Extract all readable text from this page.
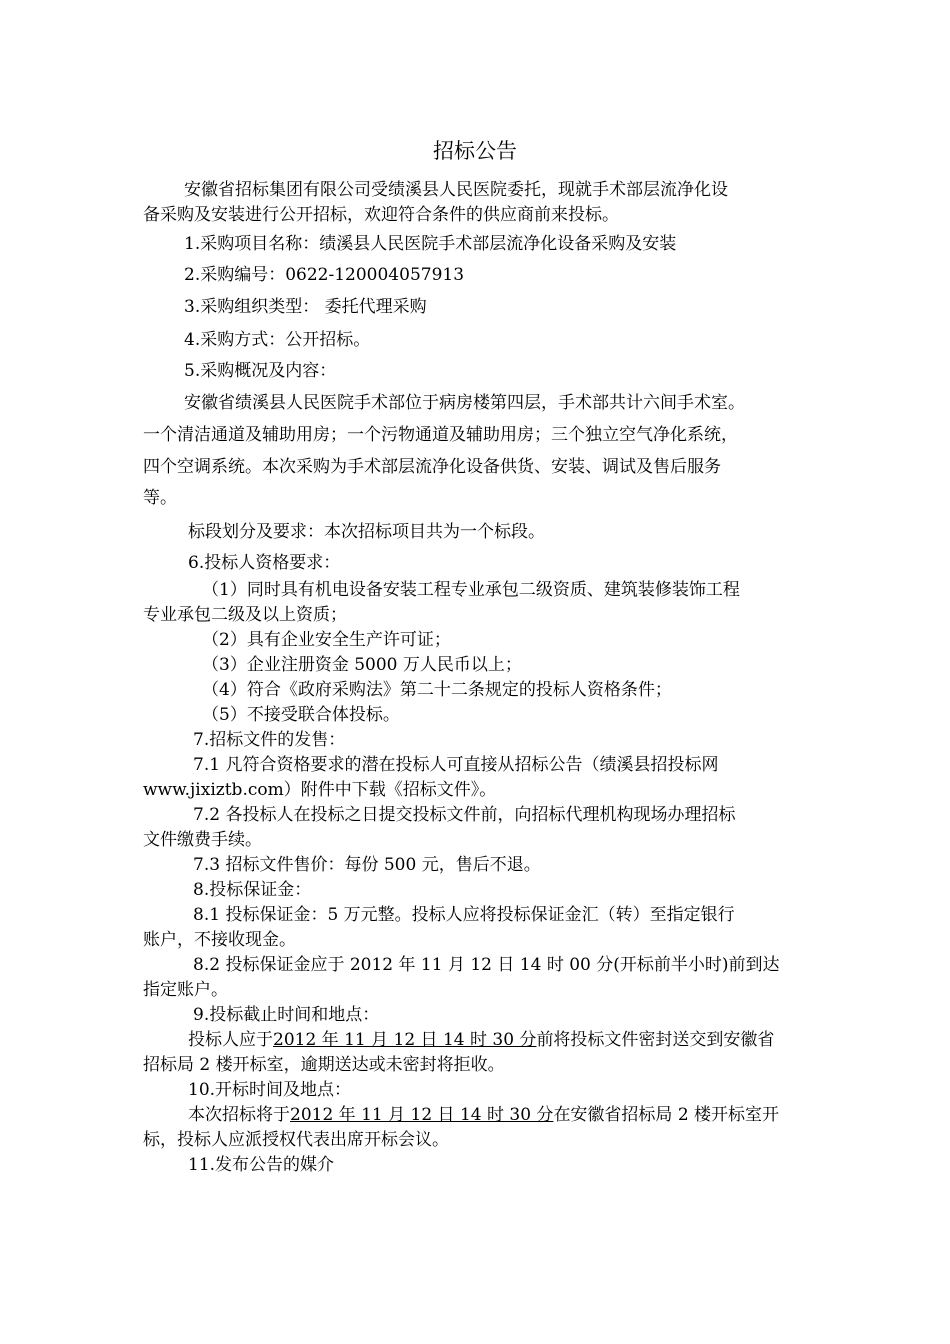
招标公告
安徽省招标集团有限公司受绩溪县人民医院委托，现就手术部层流净化设
备采购及安装进行公开招标，欢迎符合条件的供应商前来投标。
1.采购项目名称：绩溪县人民医院手术部层流净化设备采购及安装
2.采购编号：0622-120004057913
3.采购组织类型： 委托代理采购
4.采购方式：公开招标。
5.采购概况及内容：
安徽省绩溪县人民医院手术部位于病房楼第四层，手术部共计六间手术室。
一个清洁通道及辅助用房；一个污物通道及辅助用房；三个独立空气净化系统，
四个空调系统。本次采购为手术部层流净化设备供货、安装、调试及售后服务
等。
标段划分及要求：本次招标项目共为一个标段。
6.投标人资格要求：
（1）同时具有机电设备安装工程专业承包二级资质、建筑装修装饰工程
专业承包二级及以上资质；
（2）具有企业安全生产许可证；
（3）企业注册资金 5000 万人民币以上；
（4）符合《政府采购法》第二十二条规定的投标人资格条件；
（5）不接受联合体投标。
7.招标文件的发售：
7.1 凡符合资格要求的潜在投标人可直接从招标公告（绩溪县招投标网
www.jixiztb.com）附件中下载《招标文件》。
7.2 各投标人在投标之日提交投标文件前，向招标代理机构现场办理招标
文件缴费手续。
7.3 招标文件售价：每份 500 元，售后不退。
8.投标保证金：
8.1 投标保证金：5 万元整。投标人应将投标保证金汇（转）至指定银行
账户，不接收现金。
8.2 投标保证金应于 2012 年 11 月 12 日 14 时 00 分(开标前半小时)前到达
指定账户。
9.投标截止时间和地点：
投标人应于2012 年 11 月 12 日 14 时 30 分前将投标文件密封送交到安徽省
招标局 2 楼开标室，逾期送达或未密封将拒收。
10.开标时间及地点：
本次招标将于2012 年 11 月 12 日 14 时 30 分在安徽省招标局 2 楼开标室开
标，投标人应派授权代表出席开标会议。
11.发布公告的媒介
